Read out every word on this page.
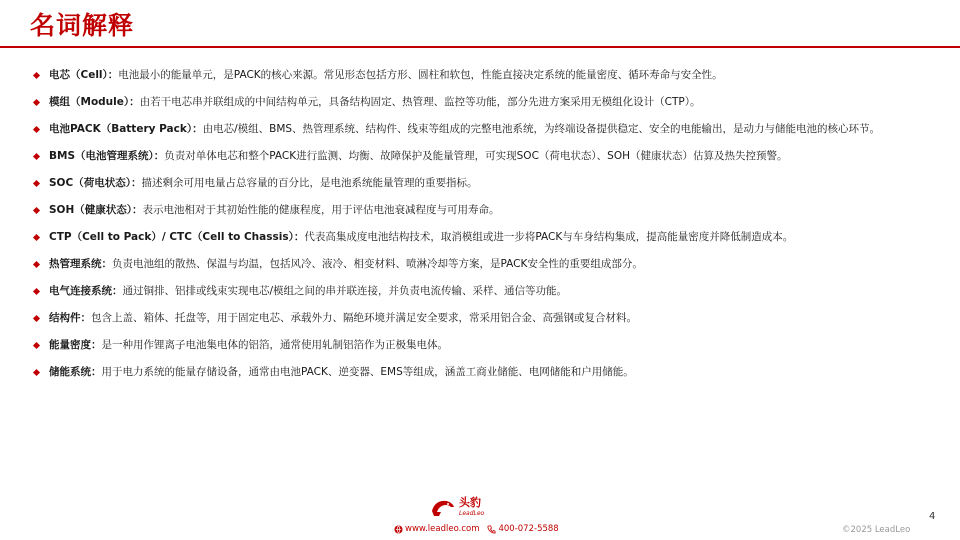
名词解释
电芯（Cell）：电池最小的能量单元，是PACK的核心来源。常见形态包括方形、圆柱和软包，性能直接决定系统的能量密度、循环寿命与安全性。
模组（Module）：由若干电芯串并联组成的中间结构单元，具备结构固定、热管理、监控等功能，部分先进方案采用无模组化设计（CTP）。
电池PACK（Battery Pack）：由电芯/模组、BMS、热管理系统、结构件、线束等组成的完整电池系统，为终端设备提供稳定、安全的电能输出，是动力与储能电池的核心环节。
BMS（电池管理系统）：负责对单体电芯和整个PACK进行监测、均衡、故障保护及能量管理，可实现SOC（荷电状态）、SOH（健康状态）估算及热失控预警。
SOC（荷电状态）：描述剩余可用电量占总容量的百分比，是电池系统能量管理的重要指标。
SOH（健康状态）：表示电池相对于其初始性能的健康程度，用于评估电池衰减程度与可用寿命。
CTP（Cell to Pack）/ CTC（Cell to Chassis）：代表高集成度电池结构技术，取消模组或进一步将PACK与车身结构集成，提高能量密度并降低制造成本。
热管理系统：负责电池组的散热、保温与均温，包括风冷、液冷、相变材料、喷淋冷却等方案，是PACK安全性的重要组成部分。
电气连接系统：通过铜排、铝排或线束实现电芯/模组之间的串并联连接，并负责电流传输、采样、通信等功能。
结构件：包含上盖、箱体、托盘等，用于固定电芯、承载外力、隔绝环境并满足安全要求，常采用铝合金、高强钢或复合材料。
能量密度：是一种用作锂离子电池集电体的铝箔，通常使用轧制铝箔作为正极集电体。
储能系统：用于电力系统的能量存储设备，通常由电池PACK、逆变器、EMS等组成，涵盖工商业储能、电网储能和户用储能。
头豹
LeadLeo
www.leadleo.com 400-072-5588
4
©2025 LeadLeo
